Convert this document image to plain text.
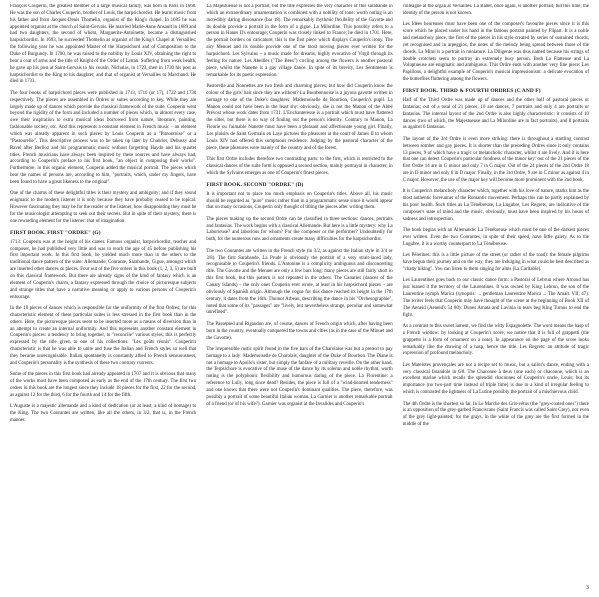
François Couperin, the greatest member of a large musical family, was born in Paris in 1668. He was the son of Charles Couperin, brother of Louis, the harpsichordist. He learnt music from his father and from Jacques-Denis Thomelin, organist of the King's chapel. In 1685 he was appointed organist at the church of Saint-Gervais. He married Marie-Anne Ansault in 1689 and had two daughters, the second of whom, Marguerite-Antoinette, became a distinguished harpsichordist. In 1693, he succeeded Thomelin as organist of the King's Chapel at Versailles; the following year he was appointed Master of the Harpsichord and of Composition to the Duke of Burgundy. In 1700, he was raised to the nobility by Louis XIV, obtaining the right to bear a coat of arms and the title of Knight of the Order of Latran. Suffering from weak health, he gave up his post at Saint-Gervais to his cousin, Nicholas, in 1723, then in 1730 his post as harpsichordist to the King to his daughter, and that of organist at Versailles to Marchand. He died in 1733.

The four books of harpsichord pieces were published in 1713, 1716 (or 17), 1722 and 1730 respectively. The pieces are assembled in Ordres or suites according to key. While they are largely made up of dances which provide the classical framework of the suite, Couperin went beyond the rigidity of the form and included a number of pieces which, in almost every case, owe their inspiration to extra musical ideas borrowed from nature, literature, painting, fashionable society, etc. And this represents a constant element in French music – an element which was already apparent in such pieces by Louis Couperin as a "Pimontoise" or a "Pastourelle". This descriptive process was to be taken up later by Chabrier, Debussy and Ravel after Berlioz and his programmatic music without forgetting Haydn and his quartet titles. French musicians have always been inspired by these sources and have always had, according to Couperin's preface to his first book, "an object in composing their works". Furthermore, in this organic element, Couperin added the musical portrait. The pieces which bear the names of persons are, according to him, "portraits, which, under my fingers, have been found to have a great likeness to the original".

One of the charms of these delightful titles is their mystery and ambiguity; and if they sound enigmatic to the modern listener it is only because they have probably ceased to be topical. However fascinating they may be for the reader or the listener, how disappointing they must be for the musicologist attempting to seek out their secrets. But in spite of their mystery, there is one rewarding element for the listener: that of imagination.

FIRST BOOK. FIRST "ORDRE" (G)

1713: Couperin was at the height of his career. Famous organist, harpsichordist, teacher and composer, he had published very little and was to reach the age of 45 before publishing his first important work. In this first book, he yielded much more than in the others to the traditional dance pattern of the suite: Allemande, Courante, Sarabande, Gigue, amongst which are inserted other dances or pieces. Four out of the five orders in this book (1, 2, 3, 5) are built on this classical framework. But there are already signs of the kind of fantasy which is an element of Couperin's charm, a fantasy expressed through the choice of picturesque subjects and strange titles that have a narrative meaning or apply to various persons of Couperin's entourage.

In the 18 pieces of dances which is responsible for the uniformity of the first Ordres; for this characteristic element of these particular suites is less stressed in the first book than in the others. Here, the picturesque pieces seem to be inserted more as a means of diversion than in an attempt to create an internal uniformity. And this represents another constant element in Couperin's pieces: a tendency to bring together, to "reconcile" various styles; this is perfectly expressed by the title given to one of his collections: "Les goûts réunis". Couperin's characteristic is that he was able to unite and fuse the Italian and French styles so well that they became unrecognisable. Italian spontaneity is constantly allied to French sensuousness, and Couperin's personality is the synthesis of these two contrary currents.

Some of the pieces in this first book had already appeared in 1707 and it is obvious that many of the works must have been composed as early as the end of the 17th century. The first two orders in this book are the longest since they include 18 pieces for the first, 22 for the second, as against 12 for the third, 6 for the fourth and 14 for the fifth.

L'Auguste is a majestic allemande and a kind of dedication (or at least, a kind of homage) to the King. The two Courantes are written, like all the others, in 3/2, that is, in the French manner.

La Majestueuse is not a portrait, but the title expresses the very character of this sarabande in which an extraordinary ornamentation is combined with a nobility of tone: worth noting is an incredibly daring dissonance (bar 18). The remarkably rhythmic flexibility of the Gavotte and its double provide a portrait in the form of a gigue. La Milordine. This possibly refers to a person in Hanes II's entourage; Couperin was closely linked to France; he died in 1701. Here, the portrait borders on caricature; this is the first piece which displays Couperin's irony. The airy Menuet and its double provide one of the most moving pieces ever written for the harpsichord. Les Sylvains – a music made for dreams, highly evocative of Virgil through its feeling for nature. Les Abeilles ("The Bees") circling among the flowers is another pastoral piece, whilst the Nanette is a gay village dance. In spite of its brevity, Les Sentiments is remarkable for its poetic expression.

Pastorelle and Nonnettes are two fresh and charming pieces, but how did Couperin know the colour of the girls' hair since they are without? La Bourbonnoise is a joyous gavotte written in homage to one of the Duke's daughters: Mademoiselle de Bourbon, Couperin's pupil. La Manon could not have been in the least shy: obviously, she is not the Manon of the Abbé Prévost whose work dates from 1731. L'Enchanteresse is a portrait which must have flattered the sitter, but there is no way of finding out the person's identity. Contrary to Manon, La Fleurie ou l'aimable Nanette must have been a pleasant and affectionate young girl. Finally, Les plaisirs de Saint Germain en Laye pictures the pleasures at the court of James II to whom Louis XIV had offered this sumptuous residence. Judging by the pastoral character of the piece, these pleasures were mainly of the country and of the forest.

This first Ordre includes therefore two contrasting parts: to the first, which is restricted to the classical dances of the suite form is opposed a second section, mainly portrayal in character, in which the Sylvains emerges as one of Couperin's finest pieces.

FIRST BOOK. SECOND "ORDRE" (D)

It is important not to place too much emphasis on Couperin's titles. Above all, his music should be regarded as "pure" music rather than in a programmatic sense since it would appear that on many occasions, Couperin only thought of titling the pieces after writing them.

The pieces making up the second Ordre can be classified in three sections: dances, portraits and fantasias. The work begins with a classical Allemande. But here is a little mystery: why La Laborieuse? and laborious for whom? For the composer or the performer? Undoubtedly for both, for the numerous runs and ornaments create many difficulties for the harpsichordist.

The two Courantes are written in the French style (in 3/2, as against the Italian style in 3/4 or 3/8). The first Sarabande, La Prude is obviously the portrait of a very strait-laced lady, recognisable to Couperin's friends. L'Antonine is a complicity ambiguous and disconcerting title. The Gavotte and the Menuet are only a few bars long: many pieces are still fairly short in this first book, but this pattern is not repeated in the others. The Canaries (dances of the Canary Islands) – the only ones Couperin ever wrote, at least in his harpsichord pieces – are obviously of Spanish origin. Although the vogue for this dance reached its height in the 17th century, it dates from the 16th. Thoinot Arbeau, describing the dance in his "Orchesographie", noted that some of its "passages" are "lively, but nevertheless strange, peculiar and somewhat unrefined".

The Passepied and Rigaudon are, of course, dances of French origin which, after having been born in the country, eventually conquered the towns and cities (as in the case of the Minuet and the Gavotte).

The irrepressible rustic spirit found in the five bars of the Charolaise was but a pretext to pay homage to a lady: Mademoiselle de Charolais, daughter of the Duke of Bourbon. The Diane is not a homage to Apollo's sister, but simply the fanfare of a military reveille. On the other hand, the Terpsichore is evocative of the muse of the dance by its solemn and noble rhythm; worth noting is the polyphonic flexibility and humorous daring of the piece. La Florentine: a reference to Lully, long since dead? Besides, the piece is full of a "wind-hearted tenderness" and one knows that there were not Couperin's dominant qualities. The piece, therefore, was possibly a portrait of some beautiful Italian woman. La Garnier is another remarkable portrait of a friend (or of his wife?). Garnier was organist at the Invalides and Couperin's

colleague at the organ at Versailles. La Babet, once again, is another portrait, but this time, the identity of the person is not known.

Les Idées heureuses must have been one of the composer's favourite pieces since it is this score which he placed under his hand in the famous portrait painted by Flipart. It is a noble and melancholy piece, the first of the pieces in his style created by series of sustained chords, yet recognised and in arpeggios, the notes of the melody being spread between those of the chords. La Mimi is a portrait in miniature. La Diligente was thus named because his strings of double crotchets seem to portray an extremely busy person. Both La Flatteuse and La Voluptueuse are enigmatic and ambiguous. This Ordre ends with another very fine piece: Les Papillons, a delightful example of Couperin's musical impressionism: a delicate evocation of the butterflies fluttering among the flowers.

FIRST BOOK. THIRD & FOURTH ORDRES (C AND F)

Half of the Third Ordre was made up of dances and the other half of pastoral pieces or fantasias; out of a total of 21 pieces, 10 are dances, 7 portraits and only 4 are portraits or fantasias. The internal layout of the 2nd Ordre is also highly characteristic: it consists of 10 dances (two of which, the Majestueuse and La Milordine are in fact portraits), and 8 portraits as against 6 fantasias.

The layout of the 3rd Ordre is even more striking: there is throughout a startling contrast between somber and gay pieces. It is shorter than the preceding Ordres since it only contains 13 pieces, 9 of which have a tragic or melancholic character, whilst 4 are lively. And it is here that one can detect Couperin's particular fondness of the minor key: out of the 21 pieces of the first Ordre 14 are in G minor and only 7 in G major. Out of the 24 pieces of the 2nd Ordre 18 are in D minor and only 6 in D major. Finally, in the 3rd Ordre, 9 are in C minor as against 4 in C major. However, the use of the major key will become more prominent with the 2nd book.

It is Couperin's melancholy character which, together with his love of nature, marks him as the most authentic forerunner of the Romantic movement. Perhaps this can be partly explained by his poor health. Such titles as La Ténébreuse, La Lugubre, Les Regrets, are indicative of the composer's state of mind and the music, obviously, must have been inspired by his hours of sadness and introspection.

The book begins with an Allemande: La Ténébreuse which must be one of the darkest pieces ever written. Even the two Courantes, in spite of their speed, have little gaiety. As to the Lugubre, it is a worthy counterpart to La Ténébreuse.

Les Pèlerines: this is a little picture of the street (or rather of the road): the female pilgrims have begun their journey and on the way, they are indulging in what could be best described as "chatty hiking". You can listen to them singing for alms (La Caritable).

Les Laurentines goes back to our classic dance form: a Pastoral of Lebrun where Arnoud has just loaned it the territory of the Laurentines. It was owned by King Lebrun, the son of the Laurentine nymph Marica (synopsis: ... gentleman Laurentine Marica ... The Amalt. VII, 47). The writer feels that Couperin may have thought of the scene at the beginning of Book XII of The Aeneid (Aeneid's 54 80): Dunes Amata and Lavinia in tears beg King Turnus to end the fight.

As a contrast to this sweet lament, we find the witty Espagnolette. The word means the hasp of a French window: by looking at Couperin's score, we notice that it is full of grappetti (the grappetto is a form of ornament on a note). In appearance on the page of the score looks remarkably like the drawing of a hasp, hence the title. Les Regrets: an attitude of tragic expression of profound melancholy.

Les Matelotes provençales are not a recipe set to music, but a sailor's dance, ending with a very classical farandole in 6/8. The Chaconne à deux (one each) or chaconne, which is an excellent marine which recalls the splendid chaconnes of Couperin's uncle, Louis; but its importance (no two-part time instead of triple time) is due to a kind of irregular feeling to which is contrasted the lightness of La Lutine possibly the portrait of a mischievous child.

The 4th Ordre is the shortest so far. In Le Marche des Gris-vêtus (the "grey-coated ones") there is an opposition of the grey-garbed Franciscans (Saint Francis was called Saint Grey), nor even of the grey light-painted; for the grays, in the white of the grey are the first formed in the middle of the

3
